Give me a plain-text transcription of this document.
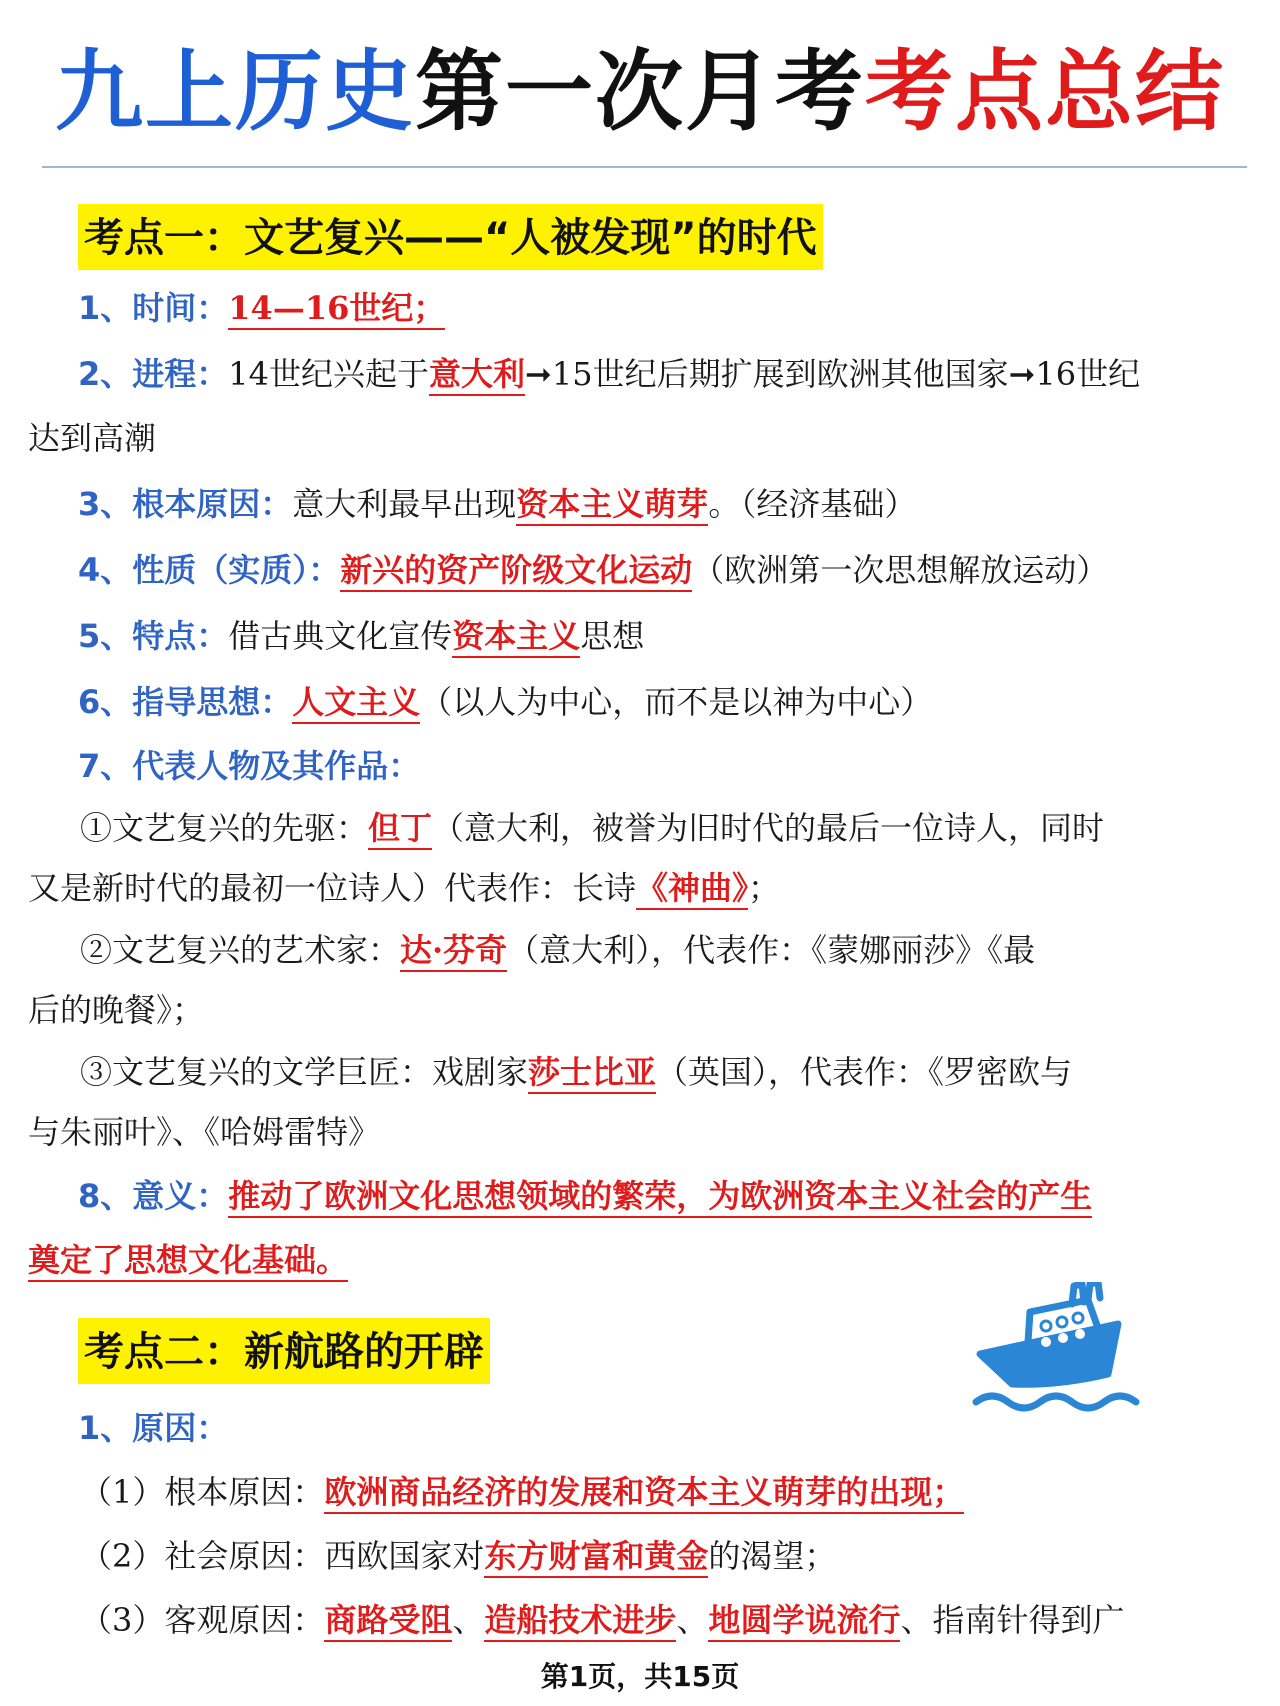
九上历史第一次月考考点总结
考点一：文艺复兴——“人被发现”的时代
1、时间：14—16世纪；
2、进程：14世纪兴起于意大利➞15世纪后期扩展到欧洲其他国家➞16世纪
达到高潮
3、根本原因：意大利最早出现资本主义萌芽。（经济基础）
4、性质（实质）：新兴的资产阶级文化运动（欧洲第一次思想解放运动）
5、特点：借古典文化宣传资本主义思想
6、指导思想：人文主义（以人为中心，而不是以神为中心）
7、代表人物及其作品：
①文艺复兴的先驱：但丁（意大利，被誉为旧时代的最后一位诗人，同时
又是新时代的最初一位诗人）代表作：长诗《神曲》；
②文艺复兴的艺术家：达·芬奇（意大利），代表作：《蒙娜丽莎》《最
后的晚餐》；
③文艺复兴的文学巨匠：戏剧家莎士比亚（英国），代表作：《罗密欧与
与朱丽叶》、《哈姆雷特》
8、意义：推动了欧洲文化思想领域的繁荣，为欧洲资本主义社会的产生
奠定了思想文化基础。
考点二：新航路的开辟
1、原因：
（1）根本原因：欧洲商品经济的发展和资本主义萌芽的出现；
（2）社会原因：西欧国家对东方财富和黄金的渴望；
（3）客观原因：商路受阻、造船技术进步、地圆学说流行、指南针得到广
第1页，共15页
